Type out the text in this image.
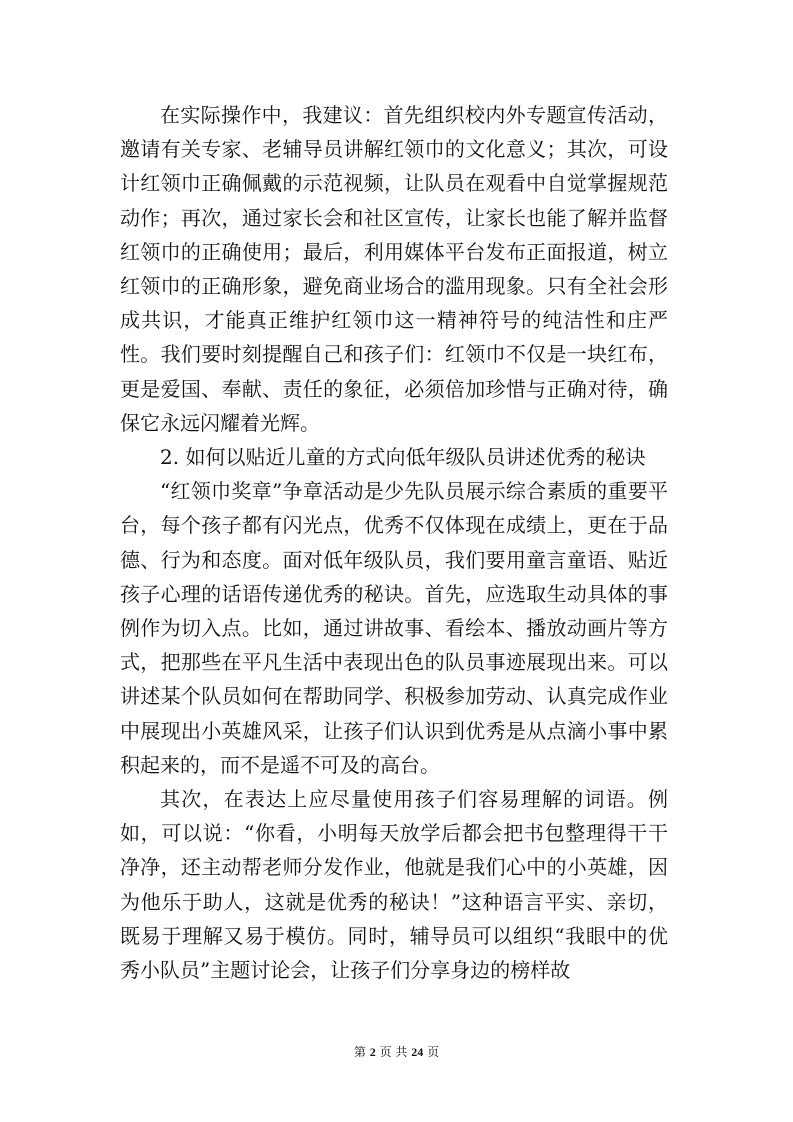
在实际操作中，我建议：首先组织校内外专题宣传活动，邀请有关专家、老辅导员讲解红领巾的文化意义；其次，可设计红领巾正确佩戴的示范视频，让队员在观看中自觉掌握规范动作；再次，通过家长会和社区宣传，让家长也能了解并监督红领巾的正确使用；最后，利用媒体平台发布正面报道，树立红领巾的正确形象，避免商业场合的滥用现象。只有全社会形成共识，才能真正维护红领巾这一精神符号的纯洁性和庄严性。我们要时刻提醒自己和孩子们：红领巾不仅是一块红布，更是爱国、奉献、责任的象征，必须倍加珍惜与正确对待，确保它永远闪耀着光辉。

2. 如何以贴近儿童的方式向低年级队员讲述优秀的秘诀

“红领巾奖章”争章活动是少先队员展示综合素质的重要平台，每个孩子都有闪光点，优秀不仅体现在成绩上，更在于品德、行为和态度。面对低年级队员，我们要用童言童语、贴近孩子心理的话语传递优秀的秘诀。首先，应选取生动具体的事例作为切入点。比如，通过讲故事、看绘本、播放动画片等方式，把那些在平凡生活中表现出色的队员事迹展现出来。可以讲述某个队员如何在帮助同学、积极参加劳动、认真完成作业中展现出小英雄风采，让孩子们认识到优秀是从点滴小事中累积起来的，而不是遥不可及的高台。

其次，在表达上应尽量使用孩子们容易理解的词语。例如，可以说：“你看，小明每天放学后都会把书包整理得干干净净，还主动帮老师分发作业，他就是我们心中的小英雄，因为他乐于助人，这就是优秀的秘诀！”这种语言平实、亲切，既易于理解又易于模仿。同时，辅导员可以组织“我眼中的优秀小队员”主题讨论会，让孩子们分享身边的榜样故

第 2 页 共 24 页
